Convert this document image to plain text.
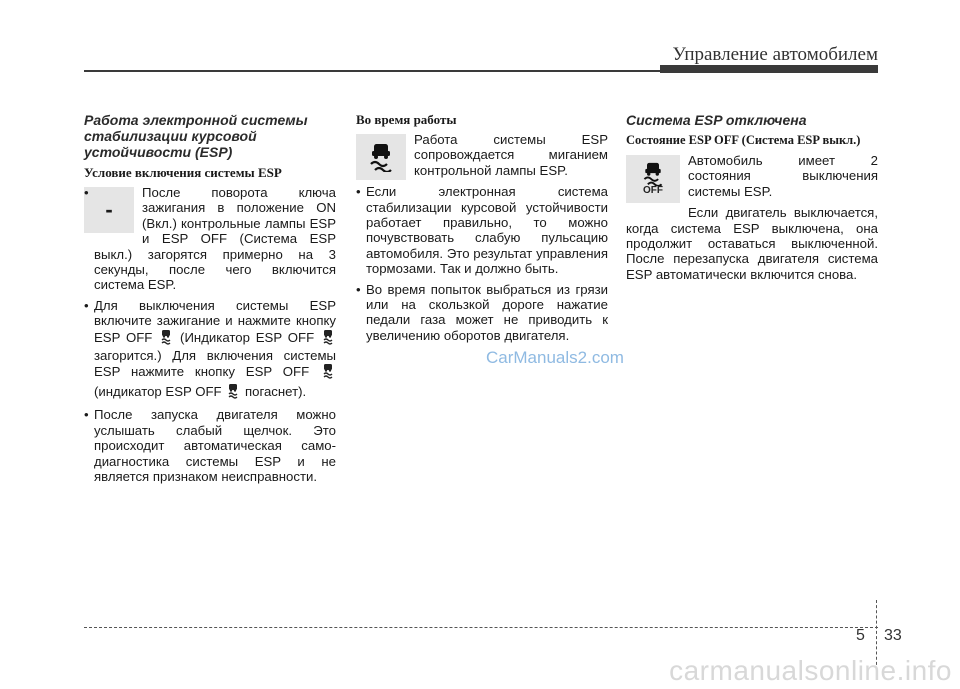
Управление автомобилем
Работа электронной системы стабилизации курсовой устойчивости (ESP)
Условие включения системы ESP
-
• После поворота ключа зажигания в положение ON (Вкл.) контрольные лампы ESP и ESP OFF (Система ESP выкл.) загорятся примерно на 3 секунды, после чего включится система ESP.
• Для выключения системы ESP включите зажигание и нажмите кнопку ESP OFF (Индикатор ESP OFF  загорится.) Для включения системы ESP нажмите кнопку ESP OFF  (индикатор ESP OFF погаснет).
• После запуска двигателя можно услышать слабый щелчок. Это происходит автоматическая само-диагностика системы ESP и не является признаком неисправности.
Во время работы
Работа системы ESP сопровождается миганием контрольной лампы ESP.
• Если электронная система стабилизации курсовой устойчивости работает правильно, то можно почувствовать слабую пульсацию автомобиля. Это результат управления тормозами. Так и должно быть.
• Во время попыток выбраться из грязи или на скользкой дороге нажатие педали газа может не приводить к увеличению оборотов двигателя.
Система ESP отключена
Состояние ESP OFF (Система ESP выкл.)
OFF
Автомобиль имеет 2 состояния выключения системы ESP.
Если двигатель выключается, когда система ESP выключена, она продолжит оставаться выключенной. После перезапуска двигателя система ESP автоматически включится снова.
CarManuals2.com
5 33
carmanualsonline.info
